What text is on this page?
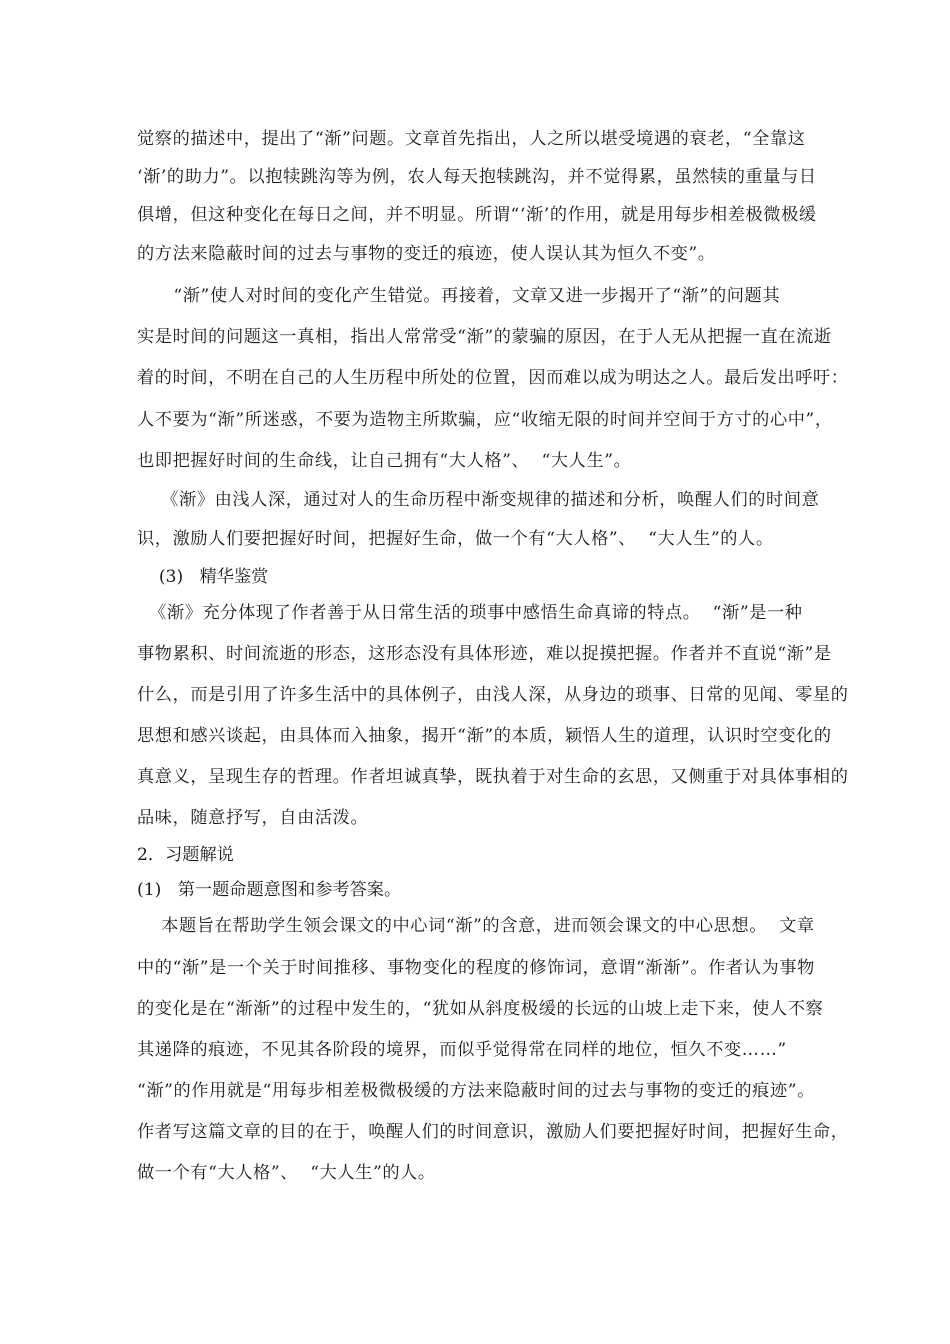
觉察的描述中，提出了“渐”问题。文章首先指出，人之所以堪受境遇的衰老，“全靠这
‘渐’的助力”。以抱犊跳沟等为例，农人每天抱犊跳沟，并不觉得累，虽然犊的重量与日
俱增，但这种变化在每日之间，并不明显。所谓“‘渐’的作用，就是用每步相差极微极缓
的方法来隐蔽时间的过去与事物的变迁的痕迹，使人误认其为恒久不变”。
“渐”使人对时间的变化产生错觉。再接着，文章又进一步揭开了“渐”的问题其
实是时间的问题这一真相，指出人常常受“渐”的蒙骗的原因，在于人无从把握一直在流逝
着的时间，不明在自己的人生历程中所处的位置，因而难以成为明达之人。最后发出呼吁：
人不要为“渐”所迷惑，不要为造物主所欺骗，应“收缩无限的时间并空间于方寸的心中”，
也即把握好时间的生命线，让自己拥有“大人格”、  “大人生”。
《渐》由浅人深，通过对人的生命历程中渐变规律的描述和分析，唤醒人们的时间意
识，激励人们要把握好时间，把握好生命，做一个有“大人格”、  “大人生”的人。
(3)   精华鉴赏
《渐》充分体现了作者善于从日常生活的琐事中感悟生命真谛的特点。  “渐”是一种
事物累积、时间流逝的形态，这形态没有具体形迹，难以捉摸把握。作者并不直说“渐”是
什么，而是引用了许多生活中的具体例子，由浅人深，从身边的琐事、日常的见闻、零星的
思想和感兴谈起，由具体而入抽象，揭开“渐”的本质，颖悟人生的道理，认识时空变化的
真意义，呈现生存的哲理。作者坦诚真挚，既执着于对生命的玄思，又侧重于对具体事相的
品味，随意抒写，自由活泼。
2．习题解说
(1)   第一题命题意图和参考答案。
本题旨在帮助学生领会课文的中心词“渐”的含意，进而领会课文的中心思想。  文章
中的“渐”是一个关于时间推移、事物变化的程度的修饰词，意谓“渐渐”。作者认为事物
的变化是在“渐渐”的过程中发生的，“犹如从斜度极缓的长远的山坡上走下来，使人不察
其递降的痕迹，不见其各阶段的境界，而似乎觉得常在同样的地位，恒久不变……”
“渐”的作用就是“用每步相差极微极缓的方法来隐蔽时间的过去与事物的变迁的痕迹”。
作者写这篇文章的目的在于，唤醒人们的时间意识，激励人们要把握好时间，把握好生命，
做一个有“大人格”、  “大人生”的人。
